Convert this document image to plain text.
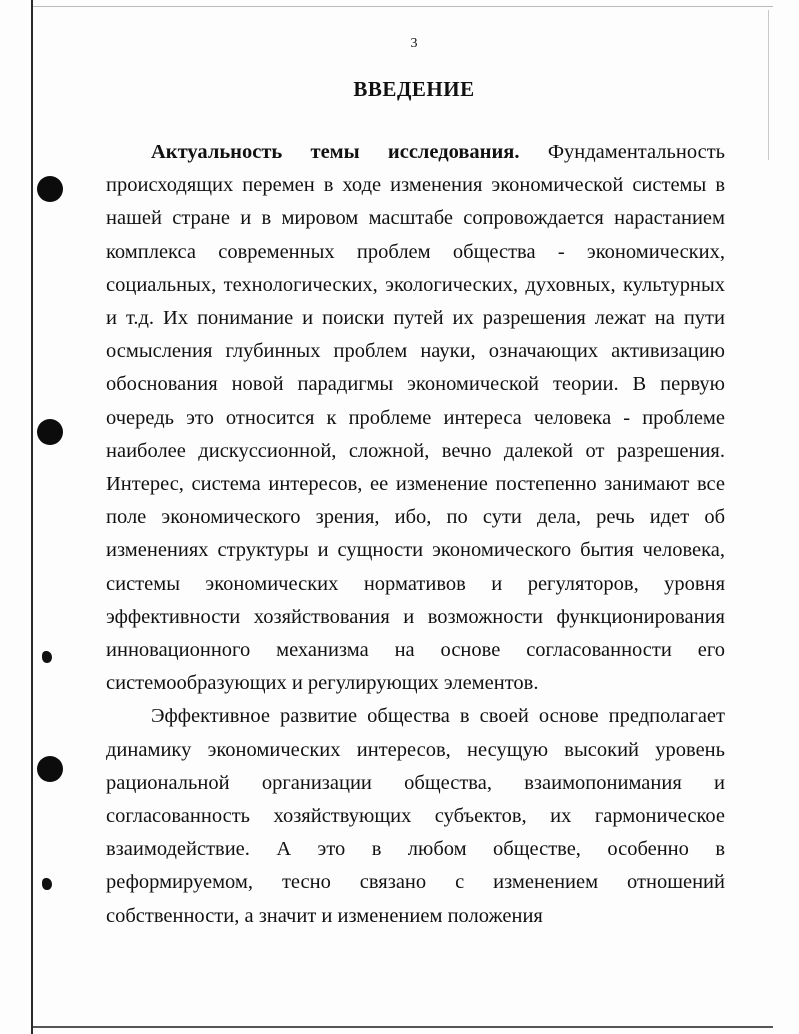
3
ВВЕДЕНИЕ

Актуальность темы исследования. Фундаментальность происходящих перемен в ходе изменения экономической системы в нашей стране и в мировом масштабе сопровождается нарастанием комплекса современных проблем общества - экономических, социальных, технологических, экологических, духовных, культурных и т.д. Их понимание и поиски путей их разрешения лежат на пути осмысления глубинных проблем науки, означающих активизацию обоснования новой парадигмы экономической теории. В первую очередь это относится к проблеме интереса человека - проблеме наиболее дискуссионной, сложной, вечно далекой от разрешения. Интерес, система интересов, ее изменение постепенно занимают все поле экономического зрения, ибо, по сути дела, речь идет об изменениях структуры и сущности экономического бытия человека, системы экономических нормативов и регуляторов, уровня эффективности хозяйствования и возможности функционирования инновационного механизма на основе согласованности его системообразующих и регулирующих элементов.

Эффективное развитие общества в своей основе предполагает динамику экономических интересов, несущую высокий уровень рациональной организации общества, взаимопонимания и согласованность хозяйствующих субъектов, их гармоническое взаимодействие. А это в любом обществе, особенно в реформируемом, тесно связано с изменением отношений собственности, а значит и изменением положения
